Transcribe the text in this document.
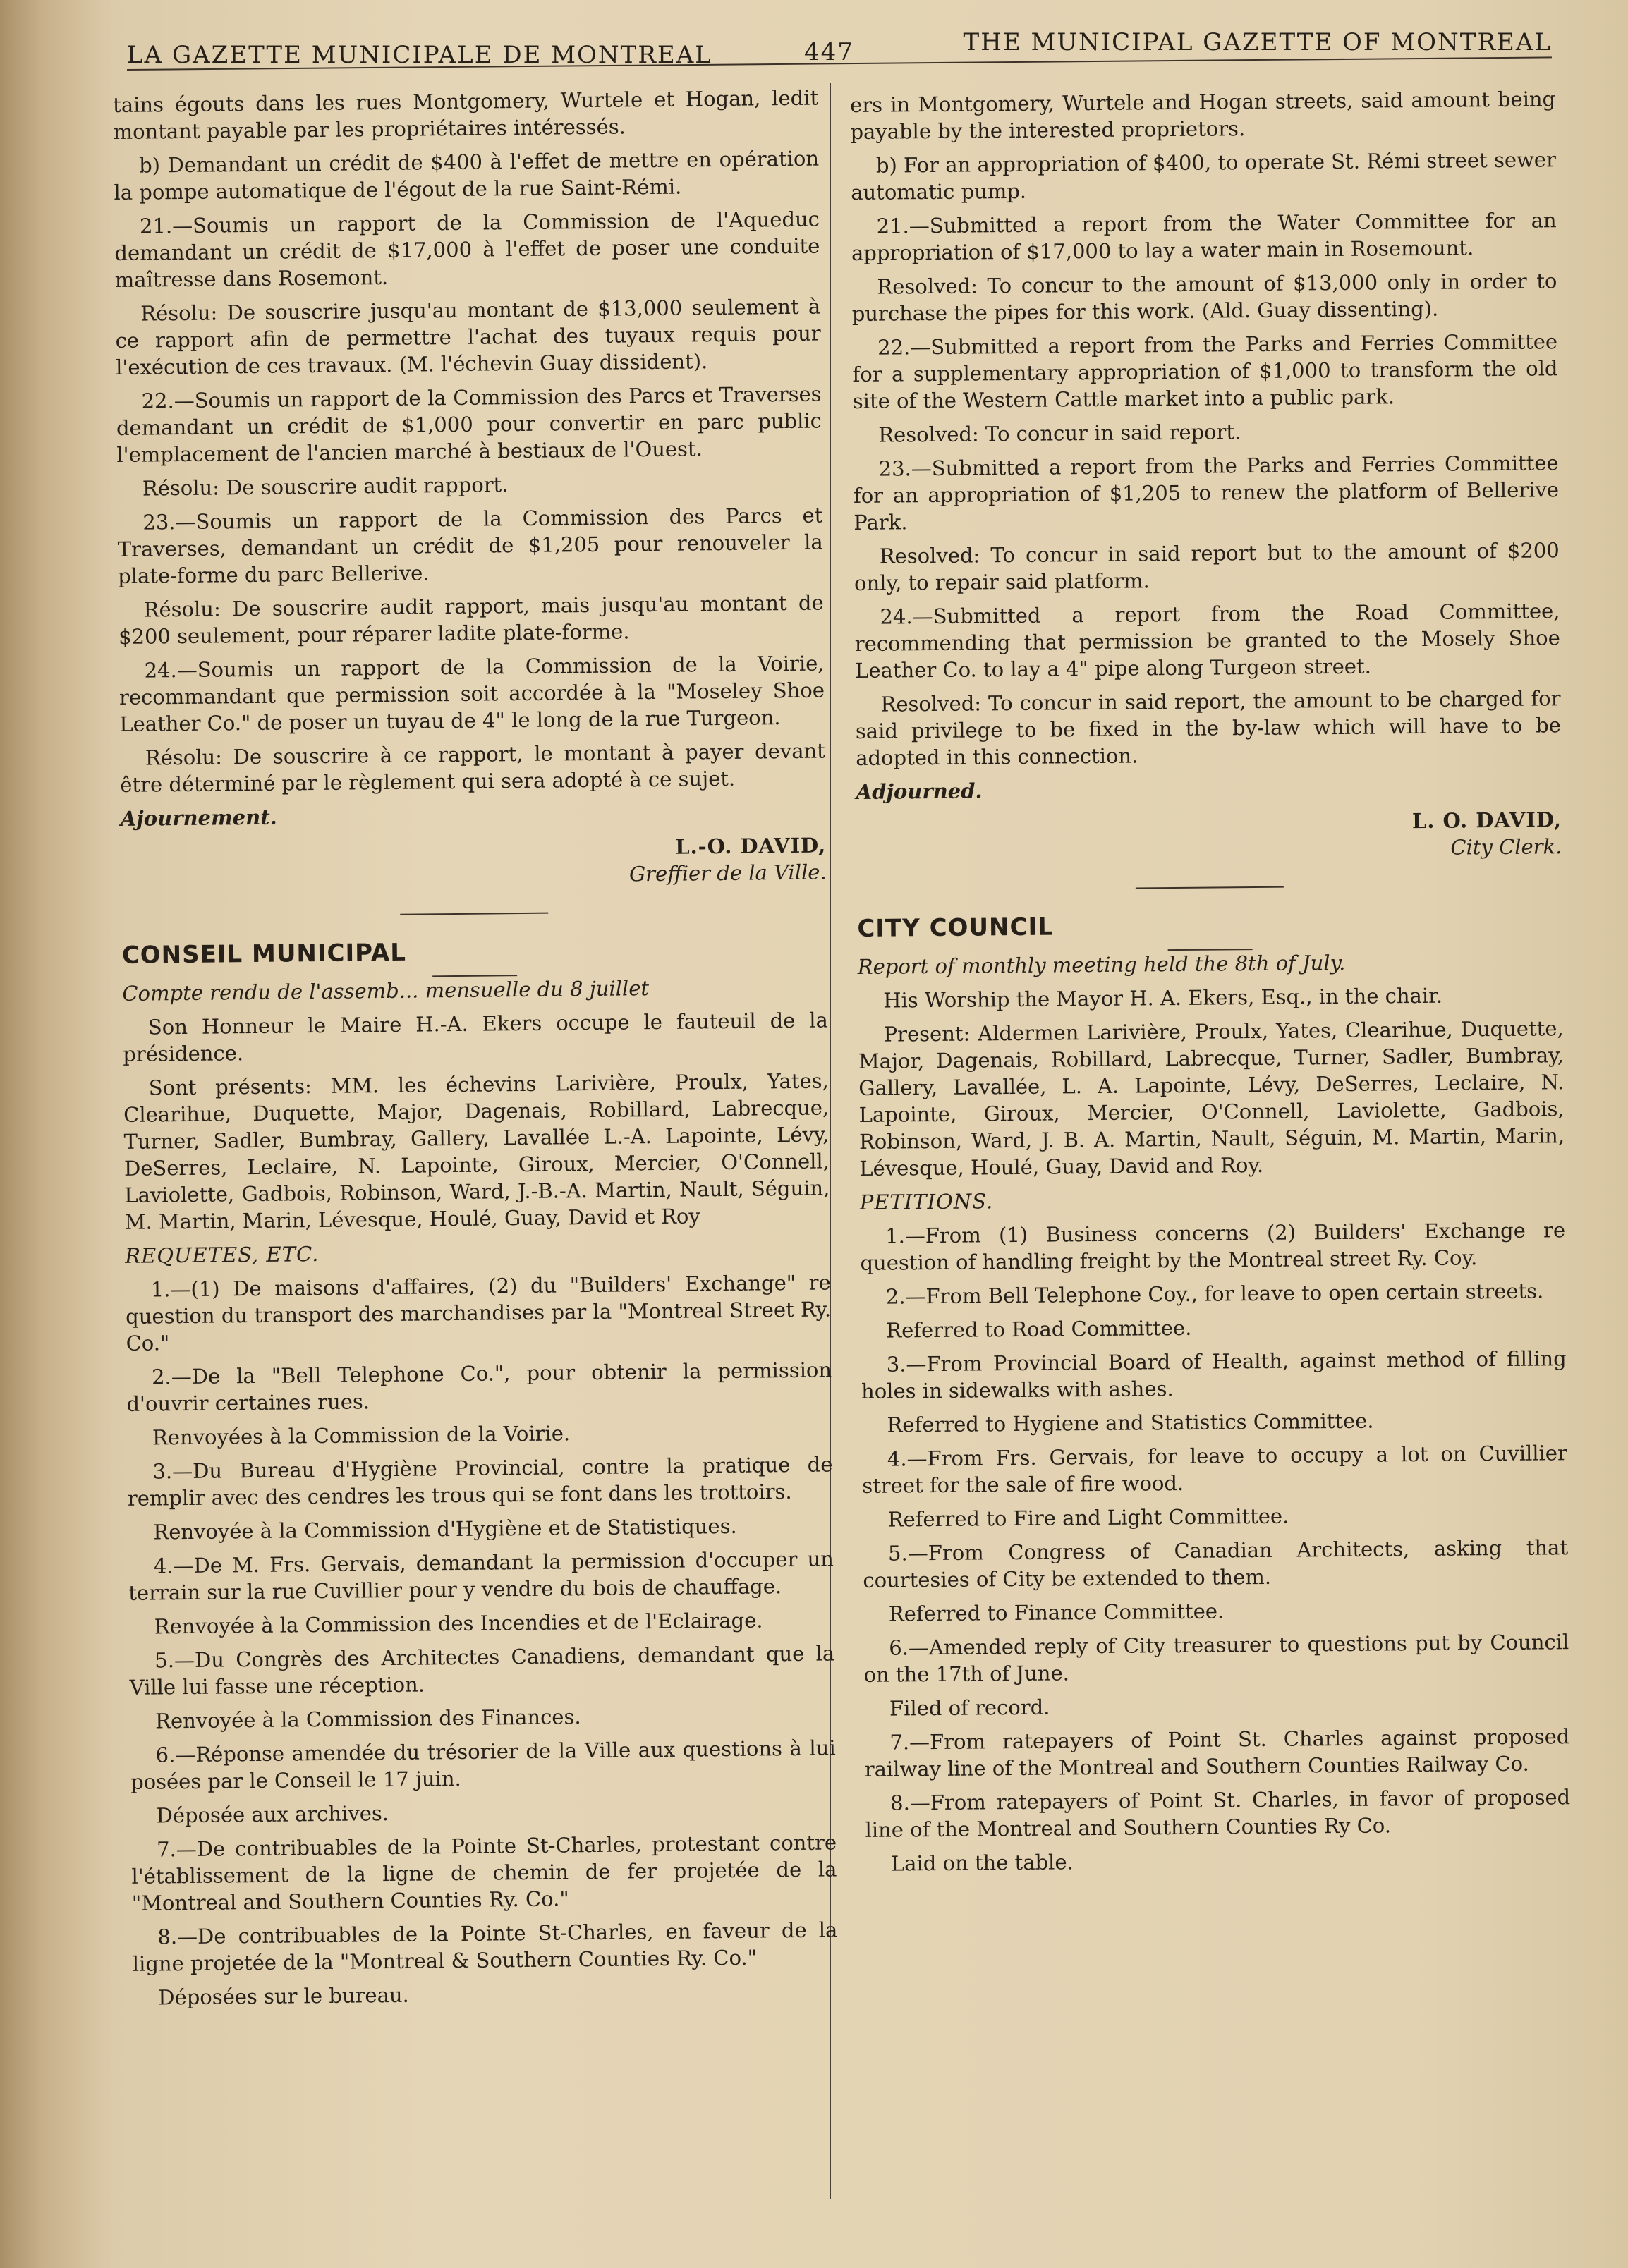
LA GAZETTE MUNICIPALE DE MONTREAL	447	THE MUNICIPAL GAZETTE OF MONTREAL

tains égouts dans les rues Montgomery, Wurtele et Hogan, ledit montant payable par les propriétaires intéressés.

b) Demandant un crédit de $400 à l'effet de mettre en opération la pompe automatique de l'égout de la rue Saint-Rémi.

21.—Soumis un rapport de la Commission de l'Aqueduc demandant un crédit de $17,000 à l'effet de poser une conduite maîtresse dans Rosemont.

Résolu: De souscrire jusqu'au montant de $13,000 seulement à ce rapport afin de permettre l'achat des tuyaux requis pour l'exécution de ces travaux. (M. l'échevin Guay dissident).

22.—Soumis un rapport de la Commission des Parcs et Traverses demandant un crédit de $1,000 pour convertir en parc public l'emplacement de l'ancien marché à bestiaux de l'Ouest.

Résolu: De souscrire audit rapport.

23.—Soumis un rapport de la Commission des Parcs et Traverses, demandant un crédit de $1,205 pour renouveler la plate-forme du parc Bellerive.

Résolu: De souscrire audit rapport, mais jusqu'au montant de $200 seulement, pour réparer ladite plate-forme.

24.—Soumis un rapport de la Commission de la Voirie, recommandant que permission soit accordée à la "Moseley Shoe Leather Co." de poser un tuyau de 4" le long de la rue Turgeon.

Résolu: De souscrire à ce rapport, le montant à payer devant être déterminé par le règlement qui sera adopté à ce sujet.

Ajournement.

L.-O. DAVID,
Greffier de la Ville.

CONSEIL MUNICIPAL

Compte rendu de l'assemb... mensuelle du 8 juillet

Son Honneur le Maire H.-A. Ekers occupe le fauteuil de la présidence.

Sont présents: MM. les échevins Larivière, Proulx, Yates, Clearihue, Duquette, Major, Dagenais, Robillard, Labrecque, Turner, Sadler, Bumbray, Gallery, Lavallée L.-A. Lapointe, Lévy, DeSerres, Leclaire, N. Lapointe, Giroux, Mercier, O'Connell, Laviolette, Gadbois, Robinson, Ward, J.-B.-A. Martin, Nault, Séguin, M. Martin, Marin, Lévesque, Houlé, Guay, David et Roy

REQUETES, ETC.

1.—(1) De maisons d'affaires, (2) du "Builders' Exchange" re question du transport des marchandises par la "Montreal Street Ry. Co."

2.—De la "Bell Telephone Co.", pour obtenir la permission d'ouvrir certaines rues.

Renvoyées à la Commission de la Voirie.

3.—Du Bureau d'Hygiène Provincial, contre la pratique de remplir avec des cendres les trous qui se font dans les trottoirs.

Renvoyée à la Commission d'Hygiène et de Statistiques.

4.—De M. Frs. Gervais, demandant la permission d'occuper un terrain sur la rue Cuvillier pour y vendre du bois de chauffage.

Renvoyée à la Commission des Incendies et de l'Eclairage.

5.—Du Congrès des Architectes Canadiens, demandant que la Ville lui fasse une réception.

Renvoyée à la Commission des Finances.

6.—Réponse amendée du trésorier de la Ville aux questions à lui posées par le Conseil le 17 juin.

Déposée aux archives.

7.—De contribuables de la Pointe St-Charles, protestant contre l'établissement de la ligne de chemin de fer projetée de la "Montreal and Southern Counties Ry. Co."

8.—De contribuables de la Pointe St-Charles, en faveur de la ligne projetée de la "Montreal & Southern Counties Ry. Co."

Déposées sur le bureau.

ers in Montgomery, Wurtele and Hogan streets, said amount being payable by the interested proprietors.

b) For an appropriation of $400, to operate St. Rémi street sewer automatic pump.

21.—Submitted a report from the Water Committee for an appropriation of $17,000 to lay a water main in Rosemount.

Resolved: To concur to the amount of $13,000 only in order to purchase the pipes for this work. (Ald. Guay dissenting).

22.—Submitted a report from the Parks and Ferries Committee for a supplementary appropriation of $1,000 to transform the old site of the Western Cattle market into a public park.

Resolved: To concur in said report.

23.—Submitted a report from the Parks and Ferries Committee for an appropriation of $1,205 to renew the platform of Bellerive Park.

Resolved: To concur in said report but to the amount of $200 only, to repair said platform.

24.—Submitted a report from the Road Committee, recommending that permission be granted to the Mosely Shoe Leather Co. to lay a 4" pipe along Turgeon street.

Resolved: To concur in said report, the amount to be charged for said privilege to be fixed in the by-law which will have to be adopted in this connection.

Adjourned.

L. O. DAVID,
City Clerk.

CITY COUNCIL

Report of monthly meeting held the 8th of July.

His Worship the Mayor H. A. Ekers, Esq., in the chair.

Present: Aldermen Larivière, Proulx, Yates, Clearihue, Duquette, Major, Dagenais, Robillard, Labrecque, Turner, Sadler, Bumbray, Gallery, Lavallée, L. A. Lapointe, Lévy, DeSerres, Leclaire, N. Lapointe, Giroux, Mercier, O'Connell, Laviolette, Gadbois, Robinson, Ward, J. B. A. Martin, Nault, Séguin, M. Martin, Marin, Lévesque, Houlé, Guay, David and Roy.

PETITIONS.

1.—From (1) Business concerns (2) Builders' Exchange re question of handling freight by the Montreal street Ry. Coy.

2.—From Bell Telephone Coy., for leave to open certain streets.

Referred to Road Committee.

3.—From Provincial Board of Health, against method of filling holes in sidewalks with ashes.

Referred to Hygiene and Statistics Committee.

4.—From Frs. Gervais, for leave to occupy a lot on Cuvillier street for the sale of fire wood.

Referred to Fire and Light Committee.

5.—From Congress of Canadian Architects, asking that courtesies of City be extended to them.

Referred to Finance Committee.

6.—Amended reply of City treasurer to questions put by Council on the 17th of June.

Filed of record.

7.—From ratepayers of Point St. Charles against proposed railway line of the Montreal and Southern Counties Railway Co.

8.—From ratepayers of Point St. Charles, in favor of proposed line of the Montreal and Southern Counties Ry Co.

Laid on the table.
